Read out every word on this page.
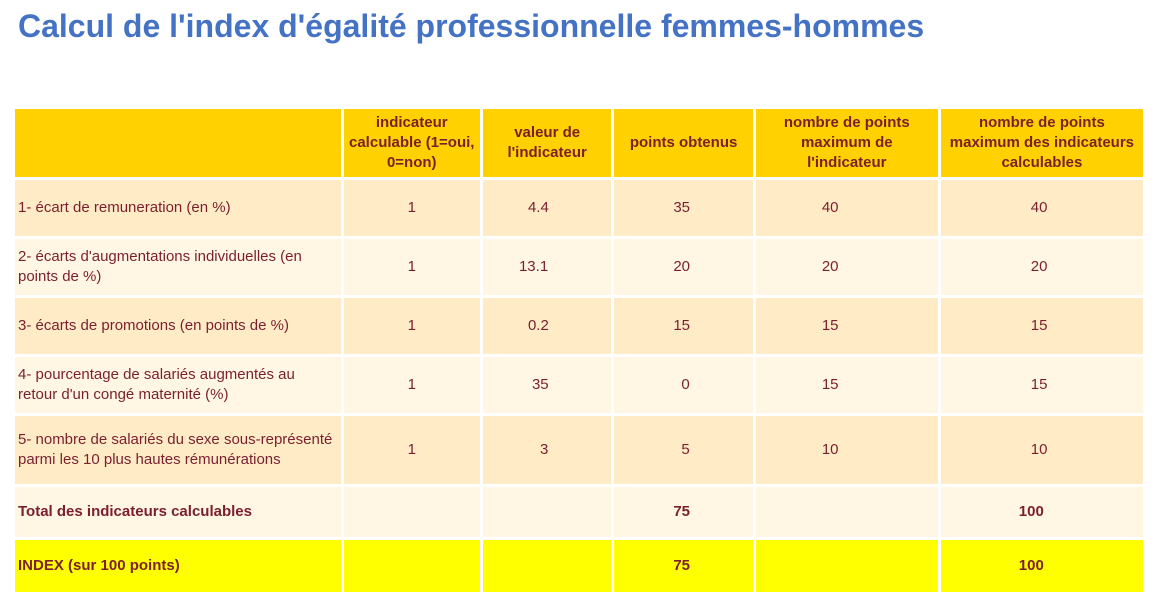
Calcul de l'index d'égalité professionnelle femmes-hommes
	indicateur calculable (1=oui, 0=non)	valeur de l'indicateur	points obtenus	nombre de points maximum de l'indicateur	nombre de points maximum des indicateurs calculables
1- écart de remuneration (en %)	1	4.4	35	40	40
2- écarts d'augmentations individuelles (en points de %)	1	13.1	20	20	20
3- écarts de promotions (en points de %)	1	0.2	15	15	15
4- pourcentage de salariés augmentés au retour d'un congé maternité (%)	1	35	0	15	15
5- nombre de salariés du sexe sous-représenté parmi les 10 plus hautes rémunérations	1	3	5	10	10
Total des indicateurs calculables			75		100
INDEX (sur 100 points)			75		100
